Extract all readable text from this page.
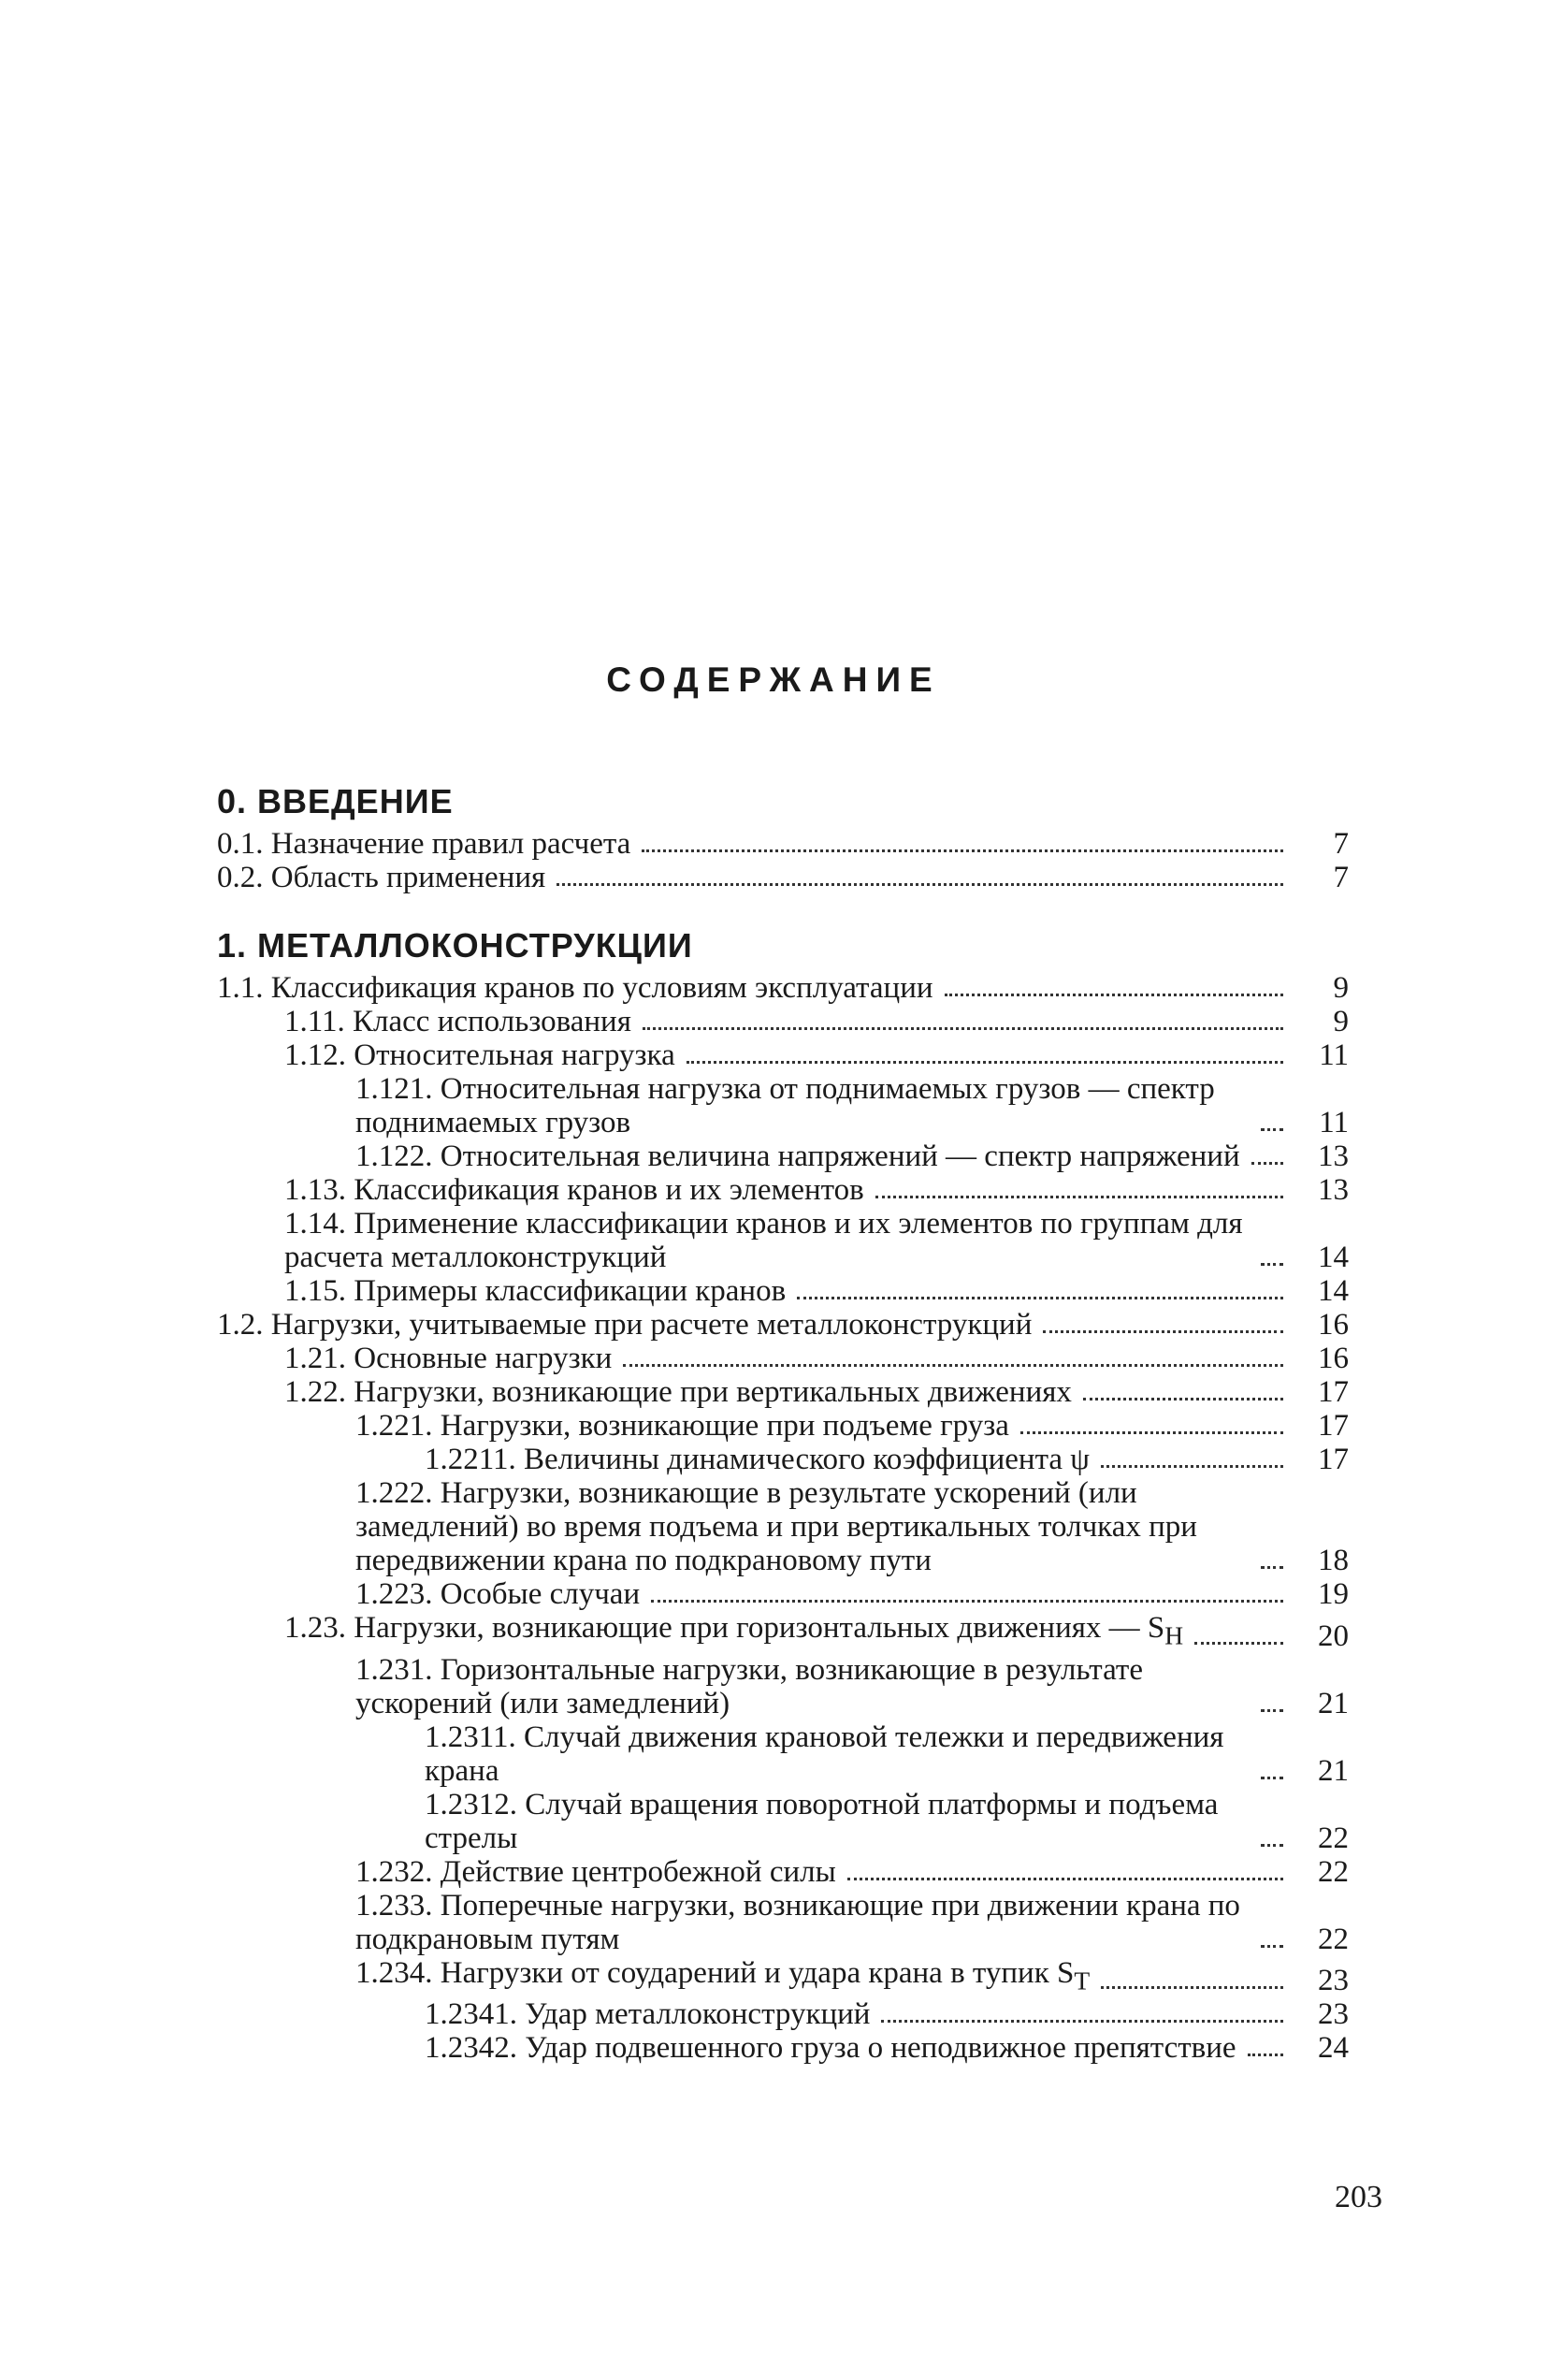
СОДЕРЖАНИЕ
0. ВВЕДЕНИЕ
0.1. Назначение правил расчета	7
0.2. Область применения	7
1. МЕТАЛЛОКОНСТРУКЦИИ
1.1. Классификация кранов по условиям эксплуатации	9
1.11. Класс использования	9
1.12. Относительная нагрузка	11
1.121. Относительная нагрузка от поднимаемых грузов — спектр поднимаемых грузов	11
1.122. Относительная величина напряжений — спектр напряжений	13
1.13. Классификация кранов и их элементов	13
1.14. Применение классификации кранов и их элементов по группам для расчета металлоконструкций	14
1.15. Примеры классификации кранов	14
1.2. Нагрузки, учитываемые при расчете металлоконструкций	16
1.21. Основные нагрузки	16
1.22. Нагрузки, возникающие при вертикальных движениях	17
1.221. Нагрузки, возникающие при подъеме груза	17
1.2211. Величины динамического коэффициента ψ	17
1.222. Нагрузки, возникающие в результате ускорений (или замедлений) во время подъема и при вертикальных толчках при передвижении крана по подкрановому пути	18
1.223. Особые случаи	19
1.23. Нагрузки, возникающие при горизонтальных движениях — $S_H$	20
1.231. Горизонтальные нагрузки, возникающие в результате ускорений (или замедлений)	21
1.2311. Случай движения крановой тележки и передвижения крана	21
1.2312. Случай вращения поворотной платформы и подъема стрелы	22
1.232. Действие центробежной силы	22
1.233. Поперечные нагрузки, возникающие при движении крана по подкрановым путям	22
1.234. Нагрузки от соударений и удара крана в тупик $S_T$	23
1.2341. Удар металлоконструкций	23
1.2342. Удар подвешенного груза о неподвижное препятствие	24
203
